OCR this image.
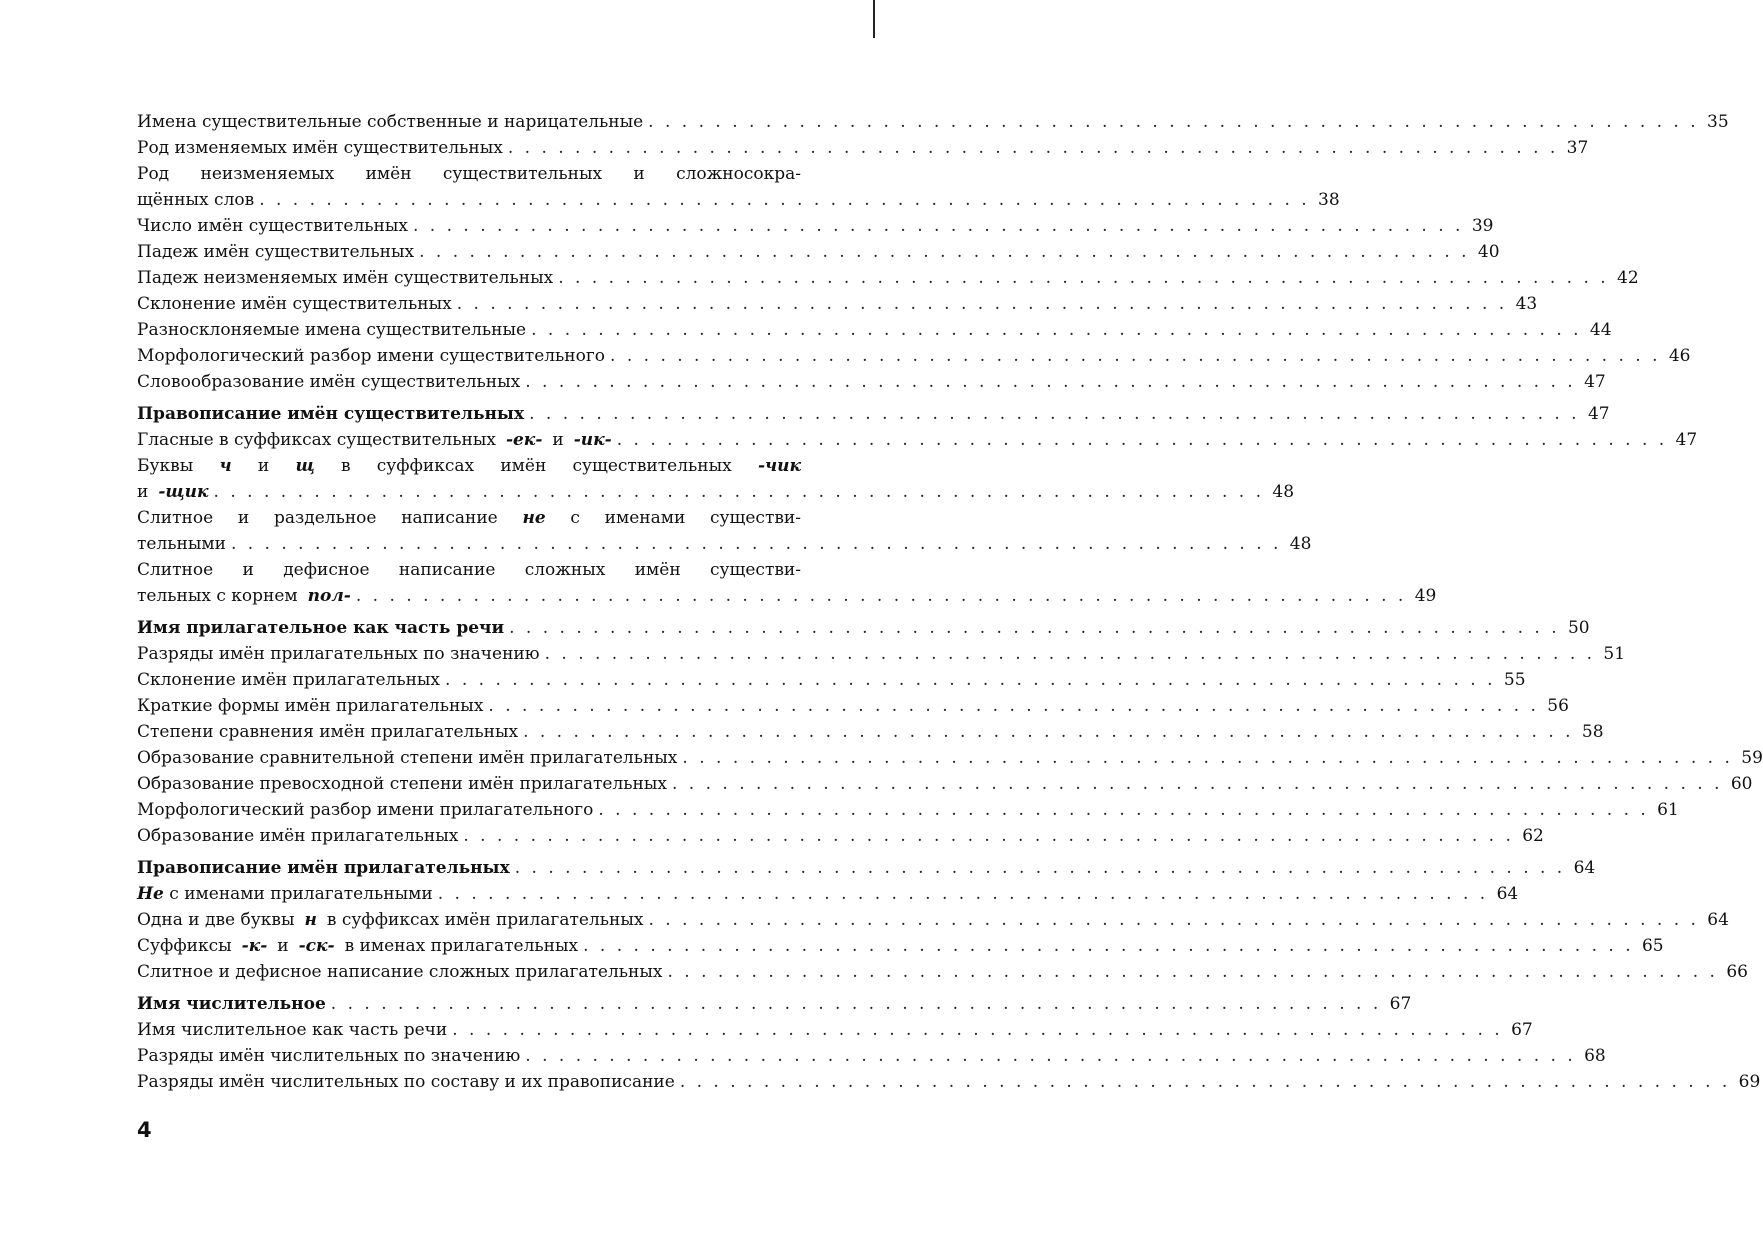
Имена существительные собственные и нарицательные . . . . . . . . . . . . . . . . . . . . . . . . . . . . . . . . . . . . . . . . . . . . . . . . . . . . . . . . . . . . . . . 35
Род изменяемых имён существительных . . . . . . . . . . . . . . . . . . . . . . . . . . . . . . . . . . . . . . . . . . . . . . . . . . . . . . . . . . . . . . . 37
Род неизменяемых имён существительных и сложносокра-
щённых слов . . . . . . . . . . . . . . . . . . . . . . . . . . . . . . . . . . . . . . . . . . . . . . . . . . . . . . . . . . . . . . . 38
Число имён существительных . . . . . . . . . . . . . . . . . . . . . . . . . . . . . . . . . . . . . . . . . . . . . . . . . . . . . . . . . . . . . . . 39
Падеж имён существительных . . . . . . . . . . . . . . . . . . . . . . . . . . . . . . . . . . . . . . . . . . . . . . . . . . . . . . . . . . . . . . . 40
Падеж неизменяемых имён существительных . . . . . . . . . . . . . . . . . . . . . . . . . . . . . . . . . . . . . . . . . . . . . . . . . . . . . . . . . . . . . . . 42
Склонение имён существительных . . . . . . . . . . . . . . . . . . . . . . . . . . . . . . . . . . . . . . . . . . . . . . . . . . . . . . . . . . . . . . . 43
Разносклоняемые имена существительные . . . . . . . . . . . . . . . . . . . . . . . . . . . . . . . . . . . . . . . . . . . . . . . . . . . . . . . . . . . . . . . 44
Морфологический разбор имени существительного . . . . . . . . . . . . . . . . . . . . . . . . . . . . . . . . . . . . . . . . . . . . . . . . . . . . . . . . . . . . . . . 46
Словообразование имён существительных . . . . . . . . . . . . . . . . . . . . . . . . . . . . . . . . . . . . . . . . . . . . . . . . . . . . . . . . . . . . . . . 47
Правописание имён существительных . . . . . . . . . . . . . . . . . . . . . . . . . . . . . . . . . . . . . . . . . . . . . . . . . . . . . . . . . . . . . . . 47
Гласные в суффиксах существительных -ек- и -ик- . . . . . . . . . . . . . . . . . . . . . . . . . . . . . . . . . . . . . . . . . . . . . . . . . . . . . . . . . . . . . . . 47
Буквы ч и щ в суффиксах имён существительных -чик
и -щик . . . . . . . . . . . . . . . . . . . . . . . . . . . . . . . . . . . . . . . . . . . . . . . . . . . . . . . . . . . . . . . 48
Слитное и раздельное написание не с именами существи-
тельными . . . . . . . . . . . . . . . . . . . . . . . . . . . . . . . . . . . . . . . . . . . . . . . . . . . . . . . . . . . . . . . 48
Слитное и дефисное написание сложных имён существи-
тельных с корнем пол- . . . . . . . . . . . . . . . . . . . . . . . . . . . . . . . . . . . . . . . . . . . . . . . . . . . . . . . . . . . . . . . 49
Имя прилагательное как часть речи . . . . . . . . . . . . . . . . . . . . . . . . . . . . . . . . . . . . . . . . . . . . . . . . . . . . . . . . . . . . . . . 50
Разряды имён прилагательных по значению . . . . . . . . . . . . . . . . . . . . . . . . . . . . . . . . . . . . . . . . . . . . . . . . . . . . . . . . . . . . . . . 51
Склонение имён прилагательных . . . . . . . . . . . . . . . . . . . . . . . . . . . . . . . . . . . . . . . . . . . . . . . . . . . . . . . . . . . . . . . 55
Краткие формы имён прилагательных . . . . . . . . . . . . . . . . . . . . . . . . . . . . . . . . . . . . . . . . . . . . . . . . . . . . . . . . . . . . . . . 56
Степени сравнения имён прилагательных . . . . . . . . . . . . . . . . . . . . . . . . . . . . . . . . . . . . . . . . . . . . . . . . . . . . . . . . . . . . . . . 58
Образование сравнительной степени имён прилагательных . . . . . . . . . . . . . . . . . . . . . . . . . . . . . . . . . . . . . . . . . . . . . . . . . . . . . . . . . . . . . . . 59
Образование превосходной степени имён прилагательных . . . . . . . . . . . . . . . . . . . . . . . . . . . . . . . . . . . . . . . . . . . . . . . . . . . . . . . . . . . . . . . 60
Морфологический разбор имени прилагательного . . . . . . . . . . . . . . . . . . . . . . . . . . . . . . . . . . . . . . . . . . . . . . . . . . . . . . . . . . . . . . . 61
Образование имён прилагательных . . . . . . . . . . . . . . . . . . . . . . . . . . . . . . . . . . . . . . . . . . . . . . . . . . . . . . . . . . . . . . . 62
Правописание имён прилагательных . . . . . . . . . . . . . . . . . . . . . . . . . . . . . . . . . . . . . . . . . . . . . . . . . . . . . . . . . . . . . . . 64
Не с именами прилагательными . . . . . . . . . . . . . . . . . . . . . . . . . . . . . . . . . . . . . . . . . . . . . . . . . . . . . . . . . . . . . . . 64
Одна и две буквы н в суффиксах имён прилагательных . . . . . . . . . . . . . . . . . . . . . . . . . . . . . . . . . . . . . . . . . . . . . . . . . . . . . . . . . . . . . . . 64
Суффиксы -к- и -ск- в именах прилагательных . . . . . . . . . . . . . . . . . . . . . . . . . . . . . . . . . . . . . . . . . . . . . . . . . . . . . . . . . . . . . . . 65
Слитное и дефисное написание сложных прилагательных . . . . . . . . . . . . . . . . . . . . . . . . . . . . . . . . . . . . . . . . . . . . . . . . . . . . . . . . . . . . . . . 66
Имя числительное . . . . . . . . . . . . . . . . . . . . . . . . . . . . . . . . . . . . . . . . . . . . . . . . . . . . . . . . . . . . . . . 67
Имя числительное как часть речи . . . . . . . . . . . . . . . . . . . . . . . . . . . . . . . . . . . . . . . . . . . . . . . . . . . . . . . . . . . . . . . 67
Разряды имён числительных по значению . . . . . . . . . . . . . . . . . . . . . . . . . . . . . . . . . . . . . . . . . . . . . . . . . . . . . . . . . . . . . . . 68
Разряды имён числительных по составу и их правописание . . . . . . . . . . . . . . . . . . . . . . . . . . . . . . . . . . . . . . . . . . . . . . . . . . . . . . . . . . . . . . . 69
4
